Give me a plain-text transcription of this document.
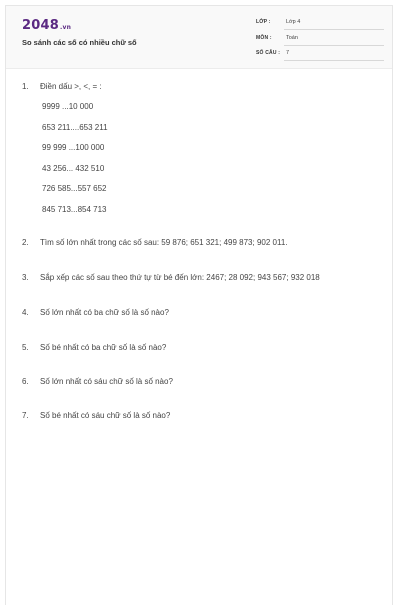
2048.vn
So sánh các số có nhiều chữ số
LỚP :	Lớp 4
MÔN :	Toán
SỐ CÂU :	7
1. Điền dấu >, <, = :
9999 ...10 000
653 211....653 211
99 999 ...100 000
43 256... 432 510
726 585...557 652
845 713...854 713
2. Tìm số lớn nhất trong các số sau: 59 876; 651 321; 499 873; 902 011.
3. Sắp xếp các số sau theo thứ tự từ bé đến lớn: 2467; 28 092; 943 567; 932 018
4. Số lớn nhất có ba chữ số là số nào?
5. Số bé nhất có ba chữ số là số nào?
6. Số lớn nhất có sáu chữ số là số nào?
7. Số bé nhất có sáu chữ số là số nào?
